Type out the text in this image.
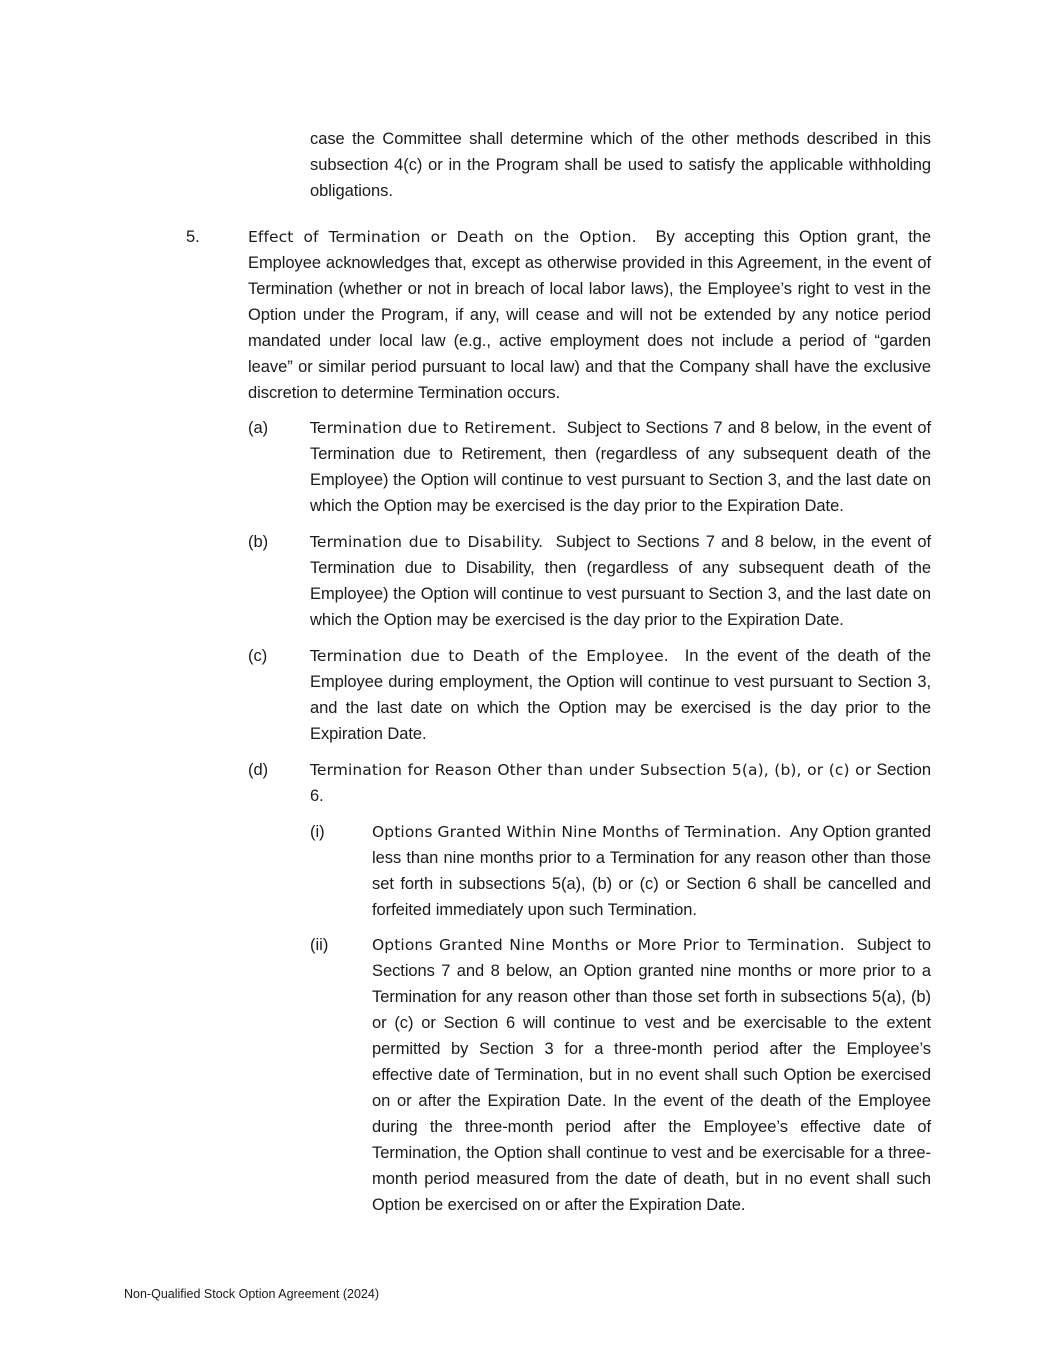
case the Committee shall determine which of the other methods described in this subsection 4(c) or in the Program shall be used to satisfy the applicable withholding obligations.
5.	Effect of Termination or Death on the Option. By accepting this Option grant, the Employee acknowledges that, except as otherwise provided in this Agreement, in the event of Termination (whether or not in breach of local labor laws), the Employee’s right to vest in the Option under the Program, if any, will cease and will not be extended by any notice period mandated under local law (e.g., active employment does not include a period of “garden leave” or similar period pursuant to local law) and that the Company shall have the exclusive discretion to determine Termination occurs.
(a)	Termination due to Retirement. Subject to Sections 7 and 8 below, in the event of Termination due to Retirement, then (regardless of any subsequent death of the Employee) the Option will continue to vest pursuant to Section 3, and the last date on which the Option may be exercised is the day prior to the Expiration Date.
(b)	Termination due to Disability. Subject to Sections 7 and 8 below, in the event of Termination due to Disability, then (regardless of any subsequent death of the Employee) the Option will continue to vest pursuant to Section 3, and the last date on which the Option may be exercised is the day prior to the Expiration Date.
(c)	Termination due to Death of the Employee. In the event of the death of the Employee during employment, the Option will continue to vest pursuant to Section 3, and the last date on which the Option may be exercised is the day prior to the Expiration Date.
(d)	Termination for Reason Other than under Subsection 5(a), (b), or (c) or Section 6.
(i)	Options Granted Within Nine Months of Termination. Any Option granted less than nine months prior to a Termination for any reason other than those set forth in subsections 5(a), (b) or (c) or Section 6 shall be cancelled and forfeited immediately upon such Termination.
(ii)	Options Granted Nine Months or More Prior to Termination. Subject to Sections 7 and 8 below, an Option granted nine months or more prior to a Termination for any reason other than those set forth in subsections 5(a), (b) or (c) or Section 6 will continue to vest and be exercisable to the extent permitted by Section 3 for a three-month period after the Employee’s effective date of Termination, but in no event shall such Option be exercised on or after the Expiration Date. In the event of the death of the Employee during the three-month period after the Employee’s effective date of Termination, the Option shall continue to vest and be exercisable for a three-month period measured from the date of death, but in no event shall such Option be exercised on or after the Expiration Date.
Non-Qualified Stock Option Agreement (2024)
